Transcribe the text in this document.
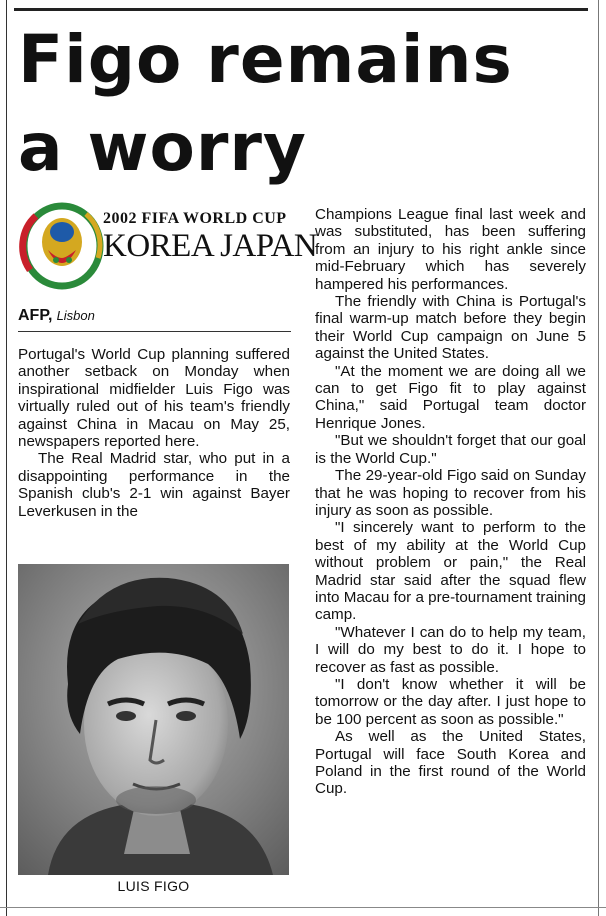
Figo remains
a worry
2002 FIFA WORLD CUP
KOREA JAPAN
AFP, Lisbon

Portugal's World Cup planning suffered another setback on Monday when inspirational midfielder Luis Figo was virtually ruled out of his team's friendly against China in Macau on May 25, newspapers reported here.

The Real Madrid star, who put in a disappointing performance in the Spanish club's 2-1 win against Bayer Leverkusen in the

LUIS FIGO

Champions League final last week and was substituted, has been suffering from an injury to his right ankle since mid-February which has severely hampered his performances.

The friendly with China is Portugal's final warm-up match before they begin their World Cup campaign on June 5 against the United States.

"At the moment we are doing all we can to get Figo fit to play against China," said Portugal team doctor Henrique Jones.

"But we shouldn't forget that our goal is the World Cup."

The 29-year-old Figo said on Sunday that he was hoping to recover from his injury as soon as possible.

"I sincerely want to perform to the best of my ability at the World Cup without problem or pain," the Real Madrid star said after the squad flew into Macau for a pre-tournament training camp.

"Whatever I can do to help my team, I will do my best to do it. I hope to recover as fast as possible.

"I don't know whether it will be tomorrow or the day after. I just hope to be 100 percent as soon as possible."

As well as the United States, Portugal will face South Korea and Poland in the first round of the World Cup.
